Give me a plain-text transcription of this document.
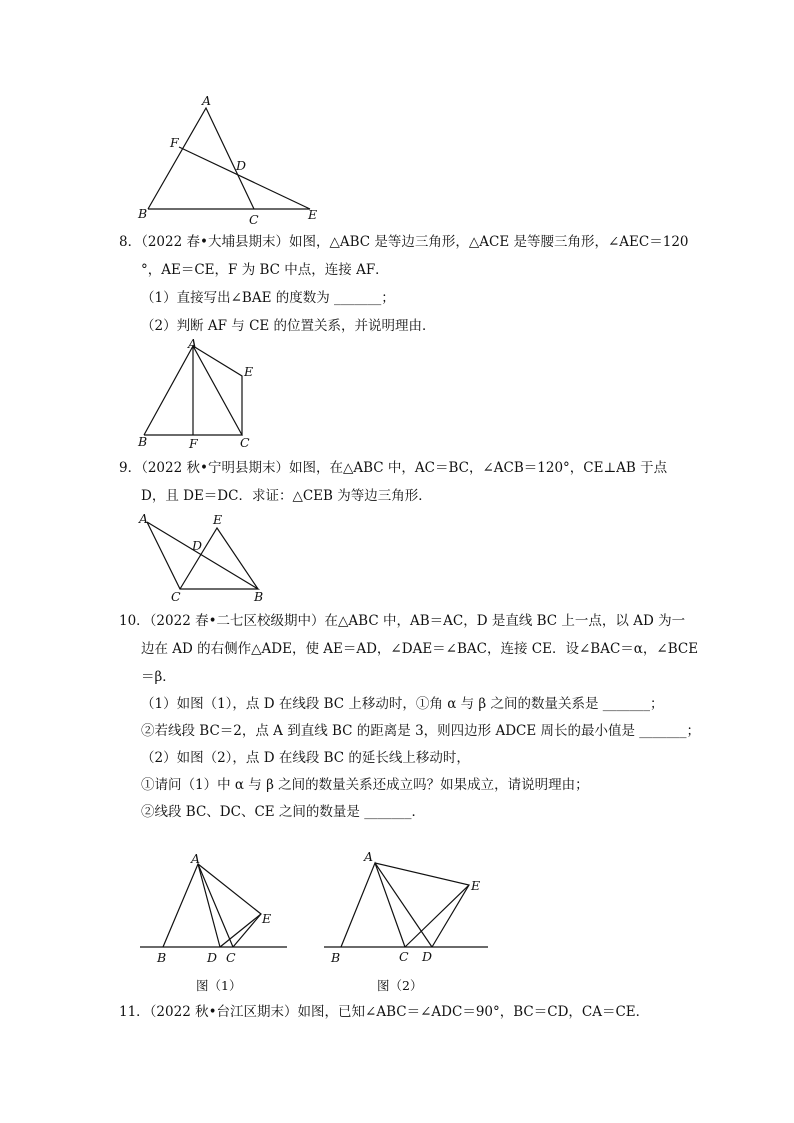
A
F
D
B	C	E
8．（2022 春•大埔县期末）如图，△ABC 是等边三角形，△ACE 是等腰三角形，∠AEC＝120
°，AE＝CE，F 为 BC 中点，连接 AF．
（1）直接写出∠BAE 的度数为 _______；
（2）判断 AF 与 CE 的位置关系，并说明理由．
A
E
B	F	C
9．（2022 秋•宁明县期末）如图，在△ABC 中，AC＝BC，∠ACB＝120°，CE⊥AB 于点
D，且 DE＝DC．求证：△CEB 为等边三角形．
A	E
D
C	B
10．（2022 春•二七区校级期中）在△ABC 中，AB＝AC，D 是直线 BC 上一点，以 AD 为一
边在 AD 的右侧作△ADE，使 AE＝AD，∠DAE＝∠BAC，连接 CE．设∠BAC＝α，∠BCE
＝β．
（1）如图（1），点 D 在线段 BC 上移动时，①角 α 与 β 之间的数量关系是 _______；
②若线段 BC＝2，点 A 到直线 BC 的距离是 3，则四边形 ADCE 周长的最小值是 _______；
（2）如图（2），点 D 在线段 BC 的延长线上移动时，
①请问（1）中 α 与 β 之间的数量关系还成立吗？如果成立，请说明理由；
②线段 BC、DC、CE 之间的数量是 _______．
A
E
B	D C
图（1）
A
E
B	C D
图（2）
11．（2022 秋•台江区期末）如图，已知∠ABC＝∠ADC＝90°，BC＝CD，CA＝CE．
